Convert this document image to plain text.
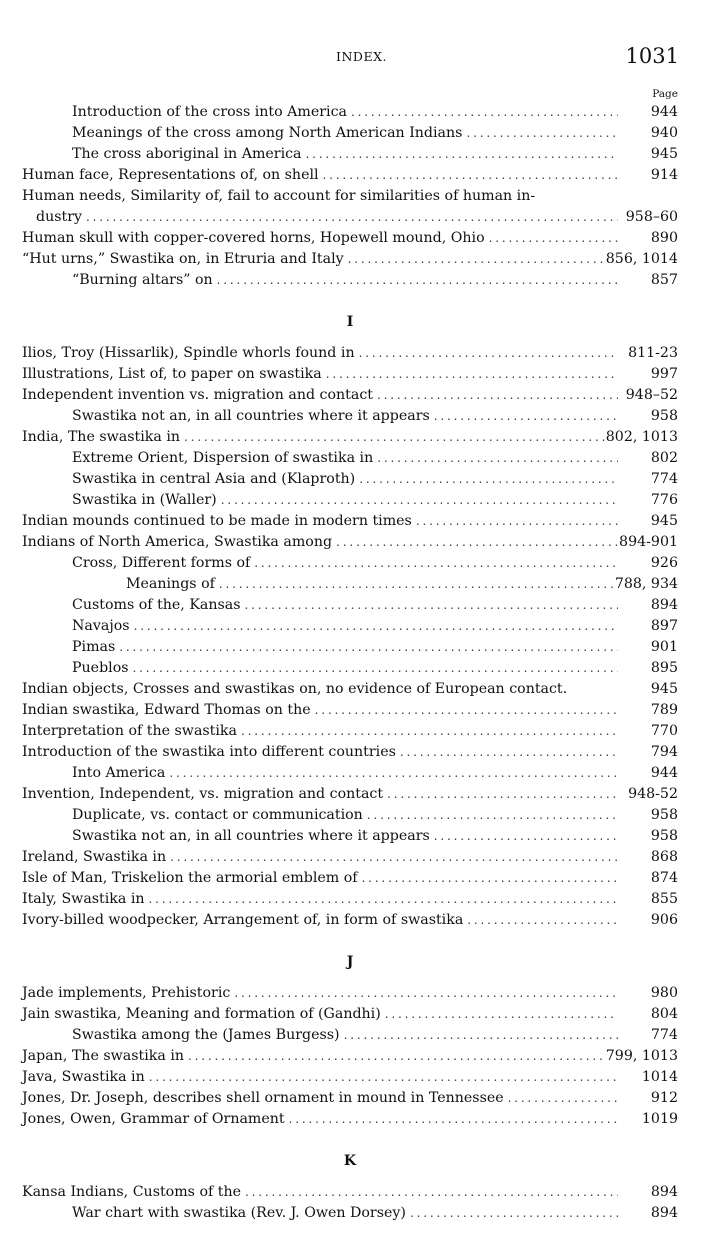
INDEX.	1031
Page
Introduction of the cross into America . . .	944
Meanings of the cross among North American Indians . . .	940
The cross aboriginal in America . . .	945
Human face, Representations of, on shell . . .	914
Human needs, Similarity of, fail to account for similarities of human in-
dustry . . .	958–60
Human skull with copper-covered horns, Hopewell mound, Ohio . . .	890
“Hut urns,” Swastika on, in Etruria and Italy . . .	856, 1014
“Burning altars” on . . .	857
I
Ilios, Troy (Hissarlik), Spindle whorls found in . . .	811-23
Illustrations, List of, to paper on swastika . . .	997
Independent invention vs. migration and contact . . .	948–52
Swastika not an, in all countries where it appears . . .	958
India, The swastika in . . .	802, 1013
Extreme Orient, Dispersion of swastika in . . .	802
Swastika in central Asia and (Klaproth) . . .	774
Swastika in (Waller) . . .	776
Indian mounds continued to be made in modern times . . .	945
Indians of North America, Swastika among . . .	894-901
Cross, Different forms of . . .	926
Meanings of . . .	788, 934
Customs of the, Kansas . . .	894
Navajos . . .	897
Pimas . . .	901
Pueblos . . .	895
Indian objects, Crosses and swastikas on, no evidence of European contact.	945
Indian swastika, Edward Thomas on the . . .	789
Interpretation of the swastika . . .	770
Introduction of the swastika into different countries . . .	794
Into America . . .	944
Invention, Independent, vs. migration and contact . . .	948-52
Duplicate, vs. contact or communication . . .	958
Swastika not an, in all countries where it appears . . .	958
Ireland, Swastika in . . .	868
Isle of Man, Triskelion the armorial emblem of . . .	874
Italy, Swastika in . . .	855
Ivory-billed woodpecker, Arrangement of, in form of swastika . . .	906
J
Jade implements, Prehistoric . . .	980
Jain swastika, Meaning and formation of (Gandhi) . . .	804
Swastika among the (James Burgess) . . .	774
Japan, The swastika in . . .	799, 1013
Java, Swastika in . . .	1014
Jones, Dr. Joseph, describes shell ornament in mound in Tennessee . . .	912
Jones, Owen, Grammar of Ornament . . .	1019
K
Kansa Indians, Customs of the . . .	894
War chart with swastika (Rev. J. Owen Dorsey) . . .	894
